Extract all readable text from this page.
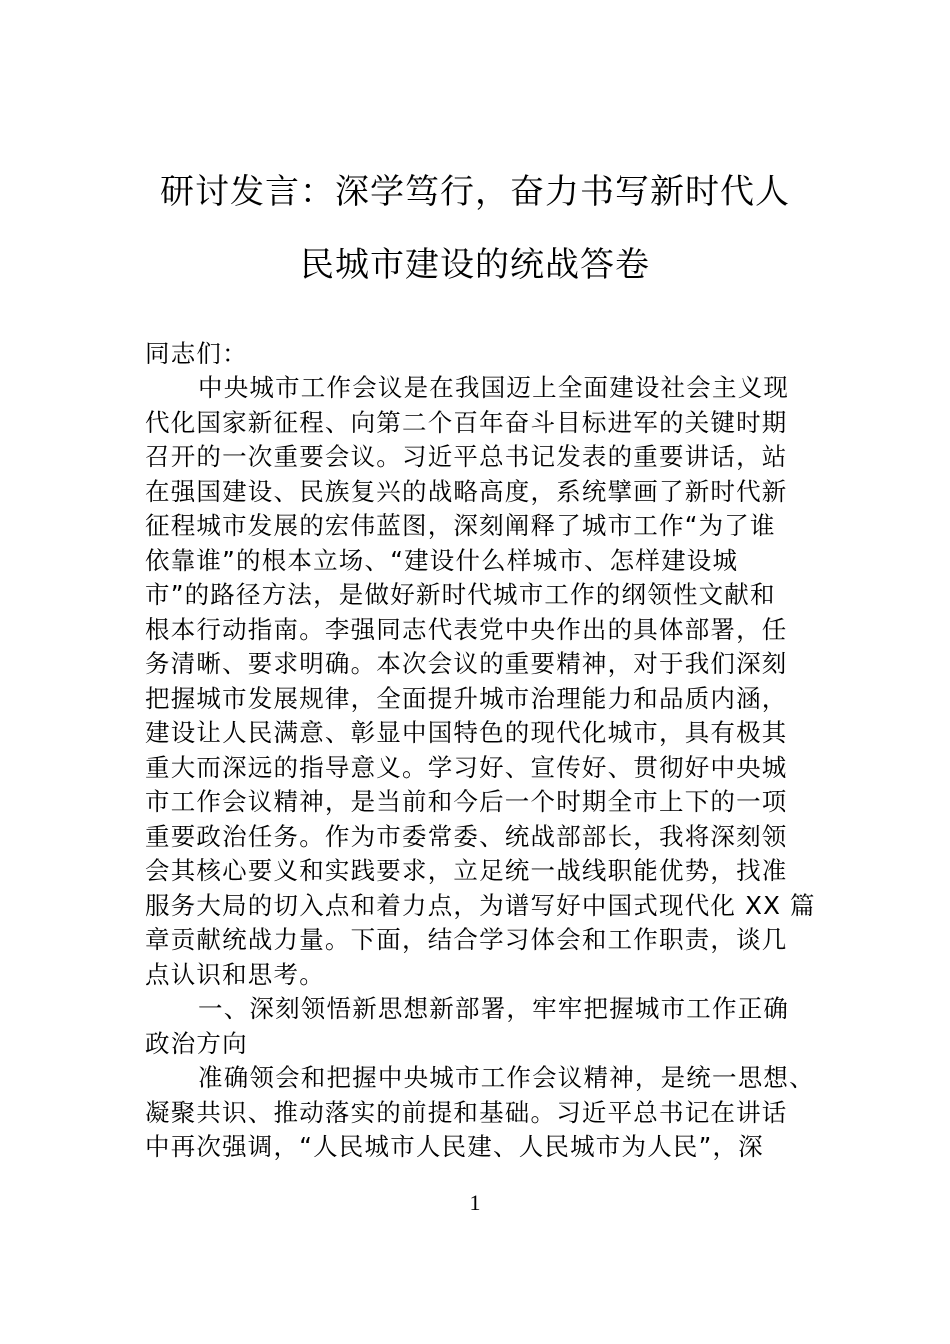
研讨发言：深学笃行，奋力书写新时代人
民城市建设的统战答卷
同志们：
中央城市工作会议是在我国迈上全面建设社会主义现
代化国家新征程、向第二个百年奋斗目标进军的关键时期
召开的一次重要会议。习近平总书记发表的重要讲话，站
在强国建设、民族复兴的战略高度，系统擘画了新时代新
征程城市发展的宏伟蓝图，深刻阐释了城市工作“为了谁
依靠谁”的根本立场、“建设什么样城市、怎样建设城
市”的路径方法，是做好新时代城市工作的纲领性文献和
根本行动指南。李强同志代表党中央作出的具体部署，任
务清晰、要求明确。本次会议的重要精神，对于我们深刻
把握城市发展规律，全面提升城市治理能力和品质内涵，
建设让人民满意、彰显中国特色的现代化城市，具有极其
重大而深远的指导意义。学习好、宣传好、贯彻好中央城
市工作会议精神，是当前和今后一个时期全市上下的一项
重要政治任务。作为市委常委、统战部部长，我将深刻领
会其核心要义和实践要求，立足统一战线职能优势，找准
服务大局的切入点和着力点，为谱写好中国式现代化 XX 篇
章贡献统战力量。下面，结合学习体会和工作职责，谈几
点认识和思考。
一、深刻领悟新思想新部署，牢牢把握城市工作正确
政治方向
准确领会和把握中央城市工作会议精神，是统一思想、
凝聚共识、推动落实的前提和基础。习近平总书记在讲话
中再次强调，“人民城市人民建、人民城市为人民”，深
1
